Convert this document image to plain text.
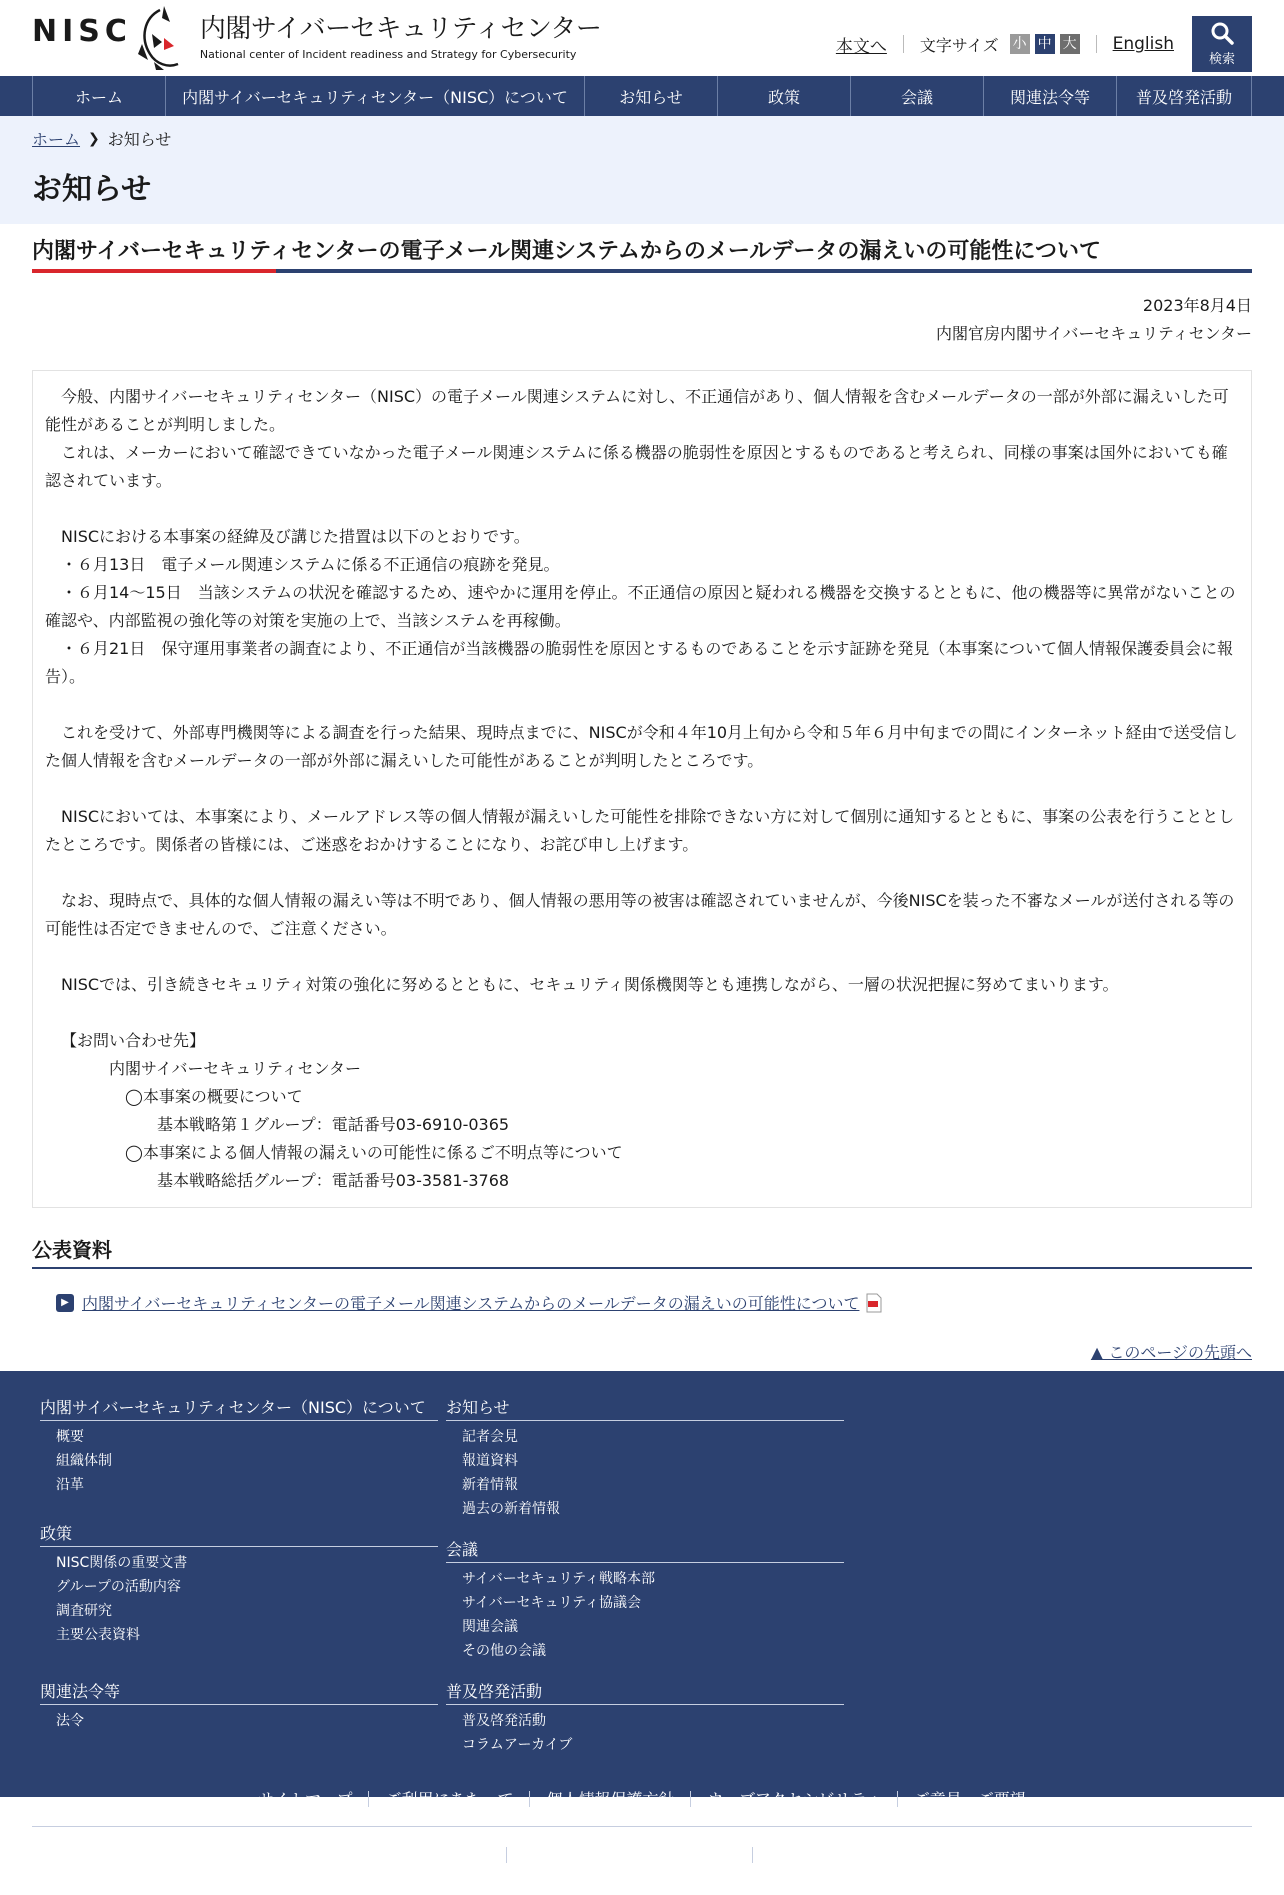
NISC	内閣サイバーセキュリティセンター
National center of Incident readiness and Strategy for Cybersecurity	本文へ	文字サイズ 小 中 大	English
検索
ホーム	内閣サイバーセキュリティセンター（NISC）について	お知らせ	政策	会議	関連法令等	普及啓発活動
ホーム ❯ お知らせ
お知らせ
内閣サイバーセキュリティセンターの電子メール関連システムからのメールデータの漏えいの可能性について
2023年8月4日
内閣官房内閣サイバーセキュリティセンター

　今般、内閣サイバーセキュリティセンター（NISC）の電子メール関連システムに対し、不正通信があり、個人情報を含むメールデータの一部が外部に漏えいした可能性があることが判明しました。

　これは、メーカーにおいて確認できていなかった電子メール関連システムに係る機器の脆弱性を原因とするものであると考えられ、同様の事案は国外においても確認されています。

　NISCにおける本事案の経緯及び講じた措置は以下のとおりです。

・６月13日　電子メール関連システムに係る不正通信の痕跡を発見。

・６月14〜15日　当該システムの状況を確認するため、速やかに運用を停止。不正通信の原因と疑われる機器を交換するとともに、他の機器等に異常がないことの確認や、内部監視の強化等の対策を実施の上で、当該システムを再稼働。

・６月21日　保守運用事業者の調査により、不正通信が当該機器の脆弱性を原因とするものであることを示す証跡を発見（本事案について個人情報保護委員会に報告）。

　これを受けて、外部専門機関等による調査を行った結果、現時点までに、NISCが令和４年10月上旬から令和５年６月中旬までの間にインターネット経由で送受信した個人情報を含むメールデータの一部が外部に漏えいした可能性があることが判明したところです。

　NISCにおいては、本事案により、メールアドレス等の個人情報が漏えいした可能性を排除できない方に対して個別に通知するとともに、事案の公表を行うこととしたところです。関係者の皆様には、ご迷惑をおかけすることになり、お詫び申し上げます。

　なお、現時点で、具体的な個人情報の漏えい等は不明であり、個人情報の悪用等の被害は確認されていませんが、今後NISCを装った不審なメールが送付される等の可能性は否定できませんので、ご注意ください。

　NISCでは、引き続きセキュリティ対策の強化に努めるとともに、セキュリティ関係機関等とも連携しながら、一層の状況把握に努めてまいります。

【お問い合わせ先】

内閣サイバーセキュリティセンター

◯本事案の概要について

基本戦略第１グループ：電話番号03-6910-0365

◯本事案による個人情報の漏えいの可能性に係るご不明点等について

基本戦略総括グループ：電話番号03-3581-3768

公表資料
▶ 内閣サイバーセキュリティセンターの電子メール関連システムからのメールデータの漏えいの可能性について
▲ このページの先頭へ
内閣サイバーセキュリティセンター（NISC）について
概要
組織体制
沿革
お知らせ
記者会見
報道資料
新着情報
過去の新着情報
政策
NISC関係の重要文書
グループの活動内容
調査研究
主要公表資料
会議
サイバーセキュリティ戦略本部
サイバーセキュリティ協議会
関連会議
その他の会議
関連法令等
法令
普及啓発活動
普及啓発活動
コラムアーカイブ
サイトマップ	ご利用にあたって	個人情報保護方針	ウェブアクセシビリティ	ご意見・ご要望
内閣官房（法人番号3000012010001）	内閣サイバーセキュリティセンター	〒100-0014　東京都千代田区永田町2-4-12
©National center of Incident readiness and Strategy for Cybersecurity.
